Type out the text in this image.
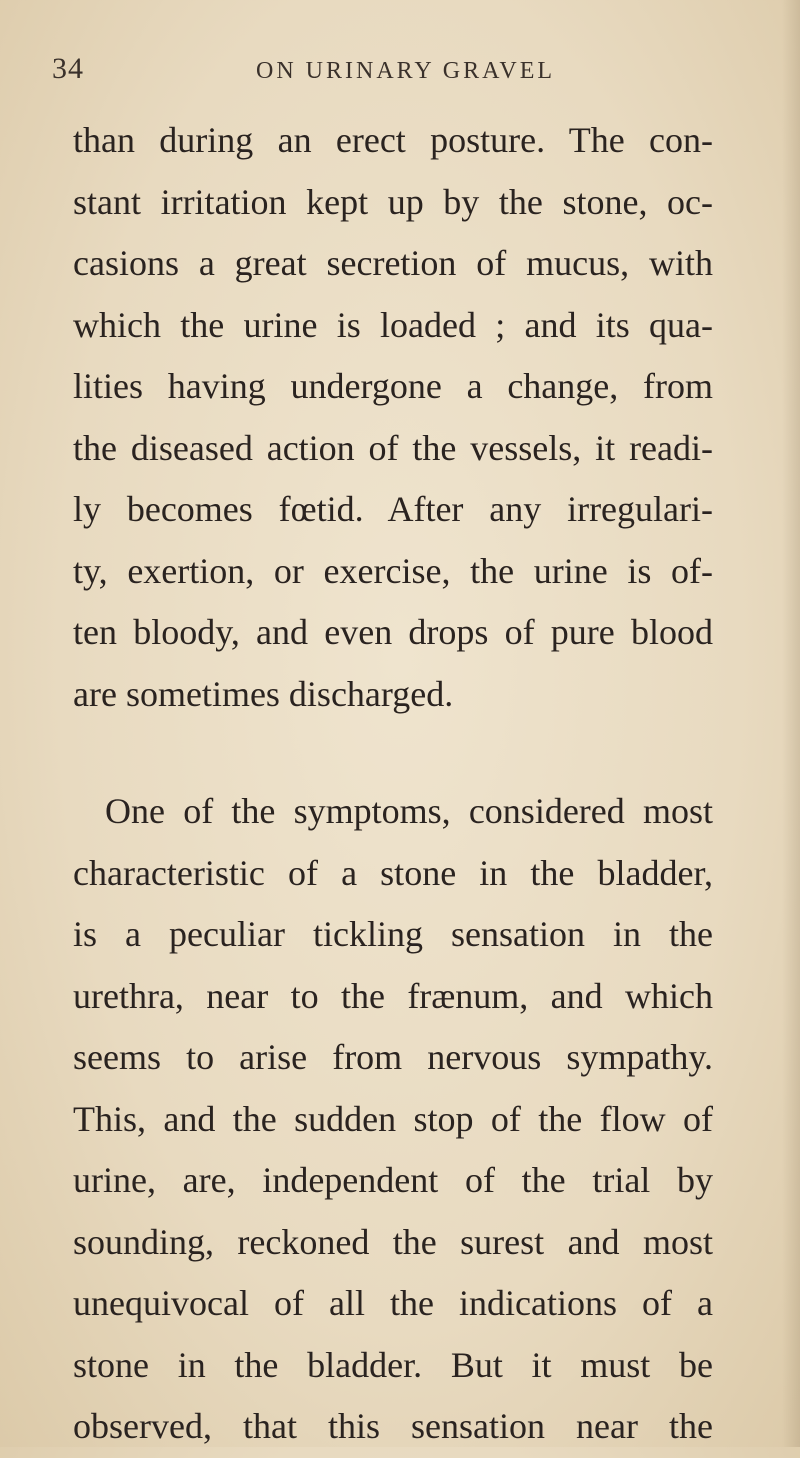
34	ON URINARY GRAVEL
than during an erect posture. The con-
stant irritation kept up by the stone, oc-
casions a great secretion of mucus, with
which the urine is loaded ; and its qua-
lities having undergone a change, from
the diseased action of the vessels, it readi-
ly becomes fœtid. After any irregulari-
ty, exertion, or exercise, the urine is of-
ten bloody, and even drops of pure blood
are sometimes discharged.
One of the symptoms, considered most
characteristic of a stone in the bladder,
is a peculiar tickling sensation in the
urethra, near to the frænum, and which
seems to arise from nervous sympathy.
This, and the sudden stop of the flow of
urine, are, independent of the trial by
sounding, reckoned the surest and most
unequivocal of all the indications of a
stone in the bladder. But it must be
observed, that this sensation near the
